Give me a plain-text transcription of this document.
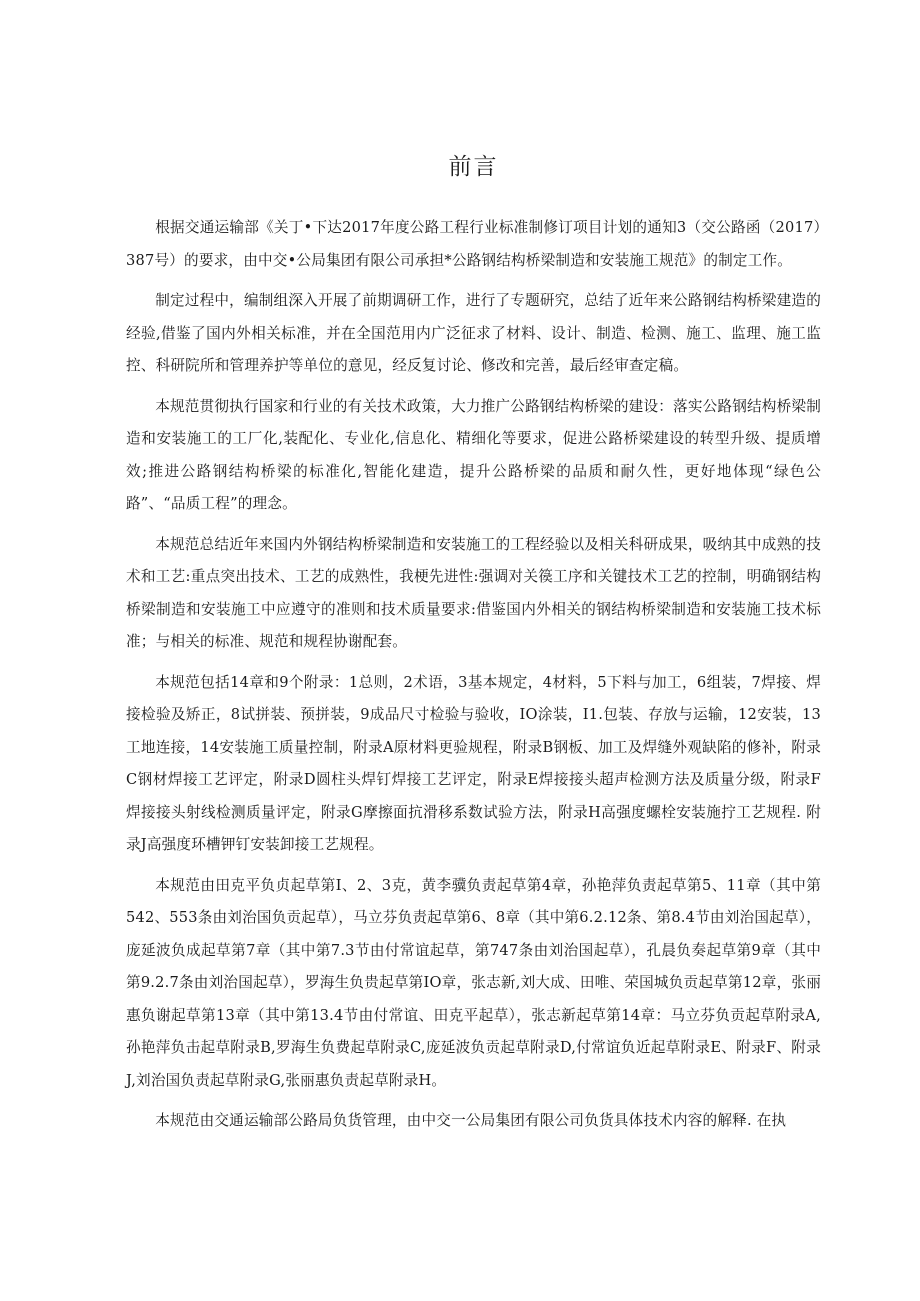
前言

根据交通运输部《关丁•下达2017年度公路工程行业标准制修订项目计划的通知3（交公路函（2017）387号）的要求，由中交•公局集团有限公司承担*公路钢结构桥梁制造和安装施工规范》的制定工作。

制定过程中，编制组深入开展了前期调研工作，进行了专题研究，总结了近年来公路钢结构桥梁建造的经验,借鉴了国内外相关标准，并在全国范用内广泛征求了材料、设计、制造、检测、施工、监理、施工监控、科研院所和管理养护等单位的意见，经反复讨论、修改和完善，最后经审查定稿。

本规范贯彻执行国家和行业的有关技术政策，大力推广公路钢结构桥梁的建设：落实公路钢结构桥梁制造和安装施工的工厂化,装配化、专业化,信息化、精细化等要求，促进公路桥梁建设的转型升级、提质增效;推进公路钢结构桥梁的标准化,智能化建造，提升公路桥梁的品质和耐久性，更好地体现“绿色公路”、“品质工程”的理念。

本规范总结近年来国内外钢结构桥梁制造和安装施工的工程经验以及相关科研成果，吸纳其中成熟的技术和工艺:重点突出技术、工艺的成熟性，我梗先进性:强调对关篌工序和关键技术工艺的控制，明确钢结构桥梁制造和安装施工中应遵守的准则和技术质量要求:借鉴国内外相关的钢结构桥梁制造和安装施工技术标准；与相关的标准、规范和规程协谢配套。

本规范包括14章和9个附录：1总则，2术语，3基本规定，4材料，5下料与加工，6组装，7焊接、焊接检验及矫正，8试拼装、预拼装，9成品尺寸检验与验收，IO涂装，I1.包装、存放与运输，12安装，13工地连接，14安装施工质量控制，附录A原材料更验规程，附录B钢板、加工及焊缝外观缺陷的修补，附录C钢材焊接工艺评定，附录D圆柱头焊钉焊接工艺评定，附录E焊接接头超声检测方法及质量分级，附录F焊接接头射线检测质量评定，附录G摩擦面抗滑移系数试验方法，附录H高强度螺栓安装施拧工艺规程. 附录J高强度环槽钾钉安装卸接工艺规程。

本规范由田克平负贞起草第I、2、3克，黄李骥负责起草第4章，孙艳萍负责起草第5、11章（其中第542、553条由刘治国负贡起草），马立芬负责起草第6、8章（其中第6.2.12条、第8.4节由刘治国起草），庞延波负成起草第7章（其中第7.3节由付常谊起草，第747条由刘治国起草），孔晨负奏起草第9章（其中第9.2.7条由刘治国起草），罗海生负贵起草第IO章，张志新,刘大成、田唯、荣国城负贡起草第12章，张丽惠负谢起草第13章（其中第13.4节由付常谊、田克平起草），张志新起草第14章：马立芬负贡起草附录A,孙艳萍负击起草附录B,罗海生负费起草附录C,庞延波负贡起草附录D,付常谊负近起草附录E、附录F、附录J,刘治国负责起草附录G,张丽惠负责起草附录H。

本规范由交通运输部公路局负货管理，由中交一公局集团有限公司负货具体技术内容的解释. 在执
